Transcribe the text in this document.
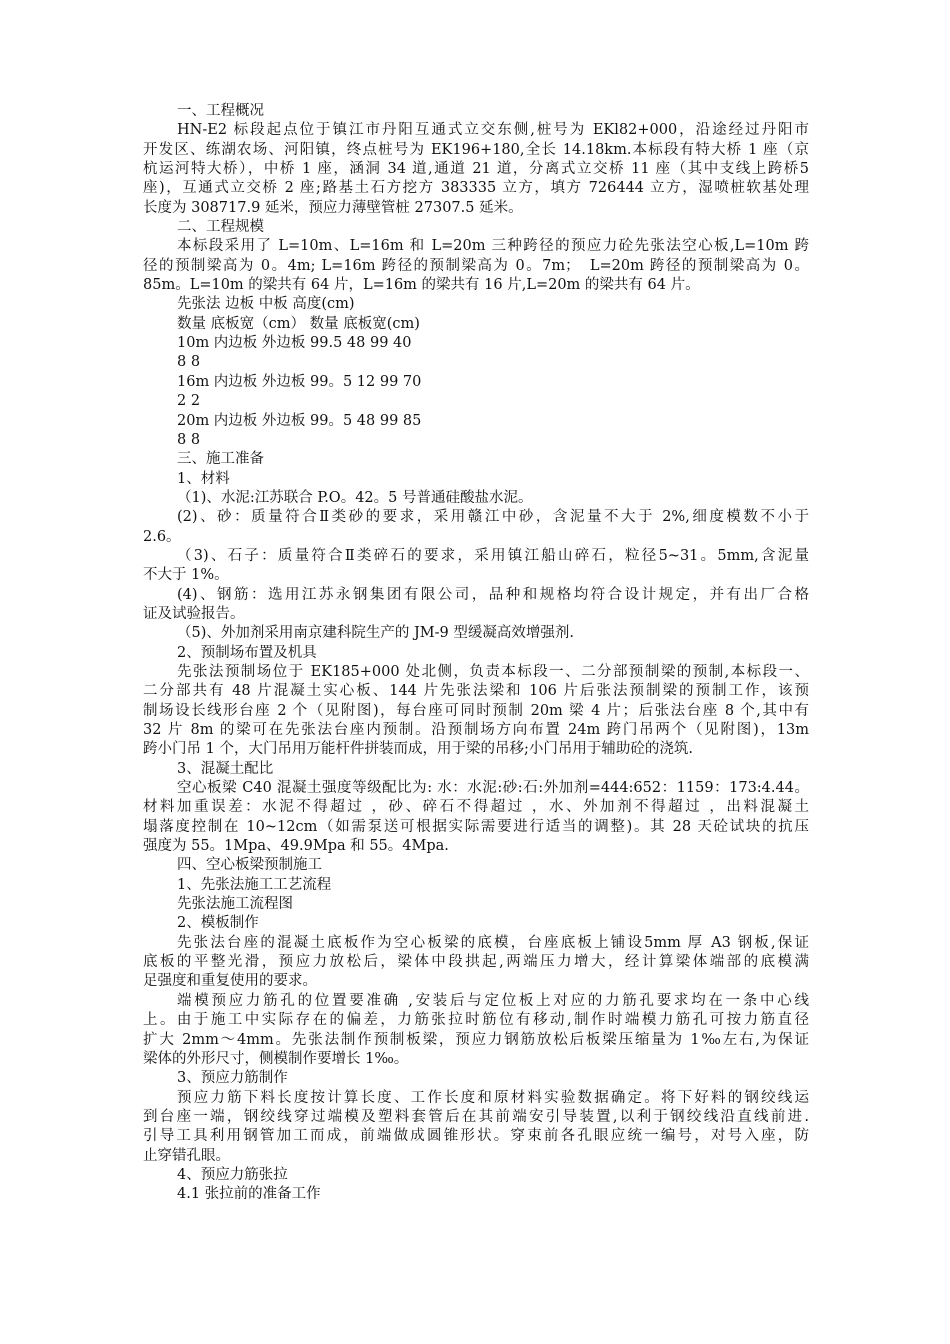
一、工程概况
HN-E2 标段起点位于镇江市丹阳互通式立交东侧,桩号为 EKl82+000，沿途经过丹阳市
开发区、练湖农场、河阳镇，终点桩号为 EK196+180,全长 14.18km.本标段有特大桥 1 座（京
杭运河特大桥），中桥 1 座，涵洞 34 道,通道 21 道，分离式立交桥 11 座（其中支线上跨桥5
座)，互通式立交桥 2 座;路基土石方挖方 383335 立方，填方 726444 立方，湿喷桩软基处理
长度为 308717.9 延米，预应力薄壁管桩 27307.5 延米。
二、工程规模
本标段采用了 L=10m、L=16m 和 L=20m 三种跨径的预应力砼先张法空心板,L=10m 跨
径的预制梁高为 0。4m; L=16m 跨径的预制梁高为 0。7m；　L=20m 跨径的预制梁高为 0。
85m。L=10m 的梁共有 64 片，L=16m 的梁共有 16 片,L=20m 的梁共有 64 片。
先张法 边板 中板 高度(cm)
数量 底板宽（cm） 数量 底板宽(cm)
10m 内边板 外边板 99.5 48 99 40
8 8
16m 内边板 外边板 99。5 12 99 70
2 2
20m 内边板 外边板 99。5 48 99 85
8 8
三、施工准备
1、材料
（1)、水泥:江苏联合 P.O。42。5 号普通硅酸盐水泥。
(2)、砂：质量符合Ⅱ类砂的要求，采用赣江中砂，含泥量不大于 2%,细度模数不小于
2.6。
（3)、石子：质量符合Ⅱ类碎石的要求，采用镇江船山碎石，粒径5~31。5mm,含泥量
不大于 1%。
(4)、钢筋：选用江苏永钢集团有限公司，品种和规格均符合设计规定，并有出厂合格
证及试验报告。
（5)、外加剂采用南京建科院生产的 JM-9 型缓凝高效增强剂.
2、预制场布置及机具
先张法预制场位于 EK185+000 处北侧，负责本标段一、二分部预制梁的预制,本标段一、
二分部共有 48 片混凝土实心板、144 片先张法梁和 106 片后张法预制梁的预制工作，该预
制场设长线形台座 2 个（见附图)，每台座可同时预制 20m 梁 4 片；后张法台座 8 个,其中有
32 片 8m 的梁可在先张法台座内预制。沿预制场方向布置 24m 跨门吊两个（见附图)，13m
跨小门吊 1 个，大门吊用万能杆件拼装而成，用于梁的吊移;小门吊用于辅助砼的浇筑.
3、混凝土配比
空心板梁 C40 混凝土强度等级配比为: 水：水泥:砂:石:外加剂=444:652：1159：173:4.44。
材料加重误差：水泥不得超过 ，砂、碎石不得超过 ，水、外加剂不得超过 ，出料混凝土
塌落度控制在 10~12cm（如需泵送可根据实际需要进行适当的调整)。其 28 天砼试块的抗压
强度为 55。1Mpa、49.9Mpa 和 55。4Mpa.
四、空心板梁预制施工
1、先张法施工工艺流程
先张法施工流程图
2、模板制作
先张法台座的混凝土底板作为空心板梁的底模，台座底板上铺设5mm 厚 A3 钢板,保证
底板的平整光滑，预应力放松后，梁体中段拱起,两端压力增大，经计算梁体端部的底模满
足强度和重复使用的要求。
端模预应力筋孔的位置要准确 ,安装后与定位板上对应的力筋孔要求均在一条中心线
上。由于施工中实际存在的偏差，力筋张拉时筋位有移动,制作时端模力筋孔可按力筋直径
扩大 2mm～4mm。先张法制作预制板梁，预应力钢筋放松后板梁压缩量为 1‰左右,为保证
梁体的外形尺寸，侧模制作要增长 1‰。
3、预应力筋制作
预应力筋下料长度按计算长度、工作长度和原材料实验数据确定。将下好料的钢绞线运
到台座一端，钢绞线穿过端模及塑料套管后在其前端安引导装置,以利于钢绞线沿直线前进.
引导工具利用钢管加工而成，前端做成圆锥形状。穿束前各孔眼应统一编号，对号入座，防
止穿错孔眼。
4、预应力筋张拉
4.1 张拉前的准备工作
